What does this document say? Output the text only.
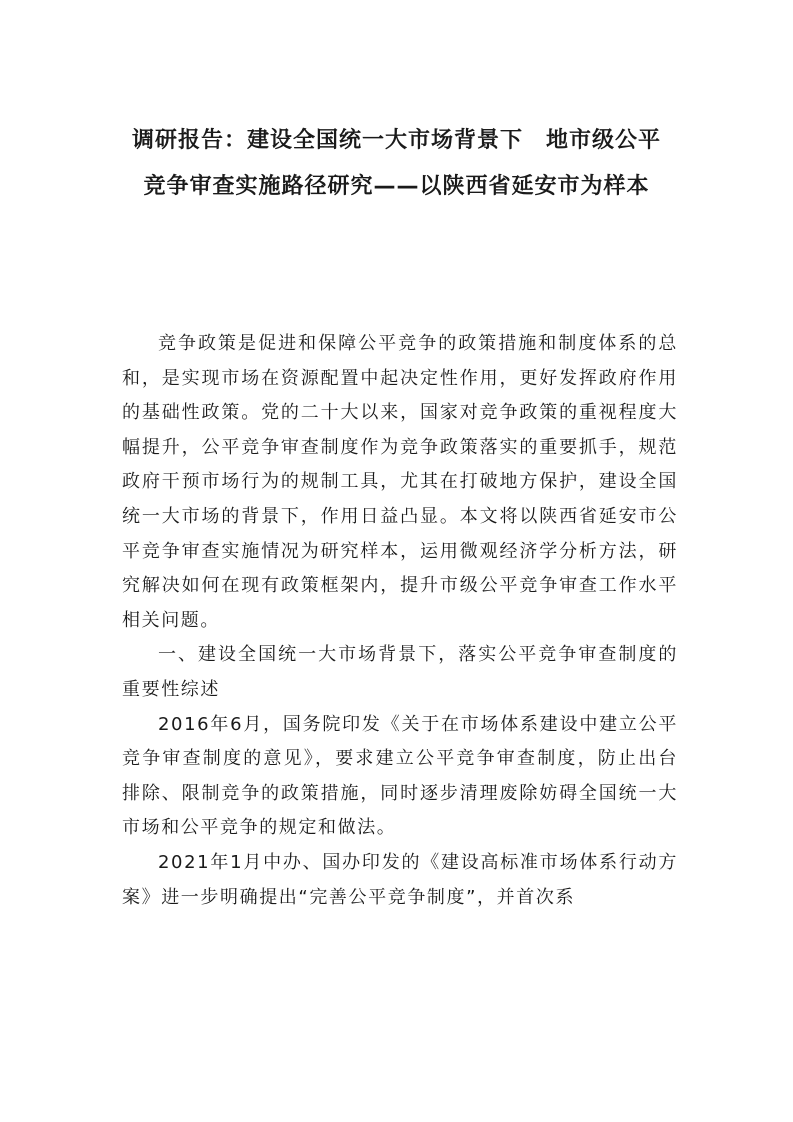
调研报告：建设全国统一大市场背景下　地市级公平
竞争审查实施路径研究——以陕西省延安市为样本

竞争政策是促进和保障公平竞争的政策措施和制度体系的总和，是实现市场在资源配置中起决定性作用，更好发挥政府作用的基础性政策。党的二十大以来，国家对竞争政策的重视程度大幅提升，公平竞争审查制度作为竞争政策落实的重要抓手，规范政府干预市场行为的规制工具，尤其在打破地方保护，建设全国统一大市场的背景下，作用日益凸显。本文将以陕西省延安市公平竞争审查实施情况为研究样本，运用微观经济学分析方法，研究解决如何在现有政策框架内，提升市级公平竞争审查工作水平相关问题。

一、建设全国统一大市场背景下，落实公平竞争审查制度的重要性综述

2016年6月，国务院印发《关于在市场体系建设中建立公平竞争审查制度的意见》，要求建立公平竞争审查制度，防止出台排除、限制竞争的政策措施，同时逐步清理废除妨碍全国统一大市场和公平竞争的规定和做法。

2021年1月中办、国办印发的《建设高标准市场体系行动方案》进一步明确提出“完善公平竞争制度”，并首次系
